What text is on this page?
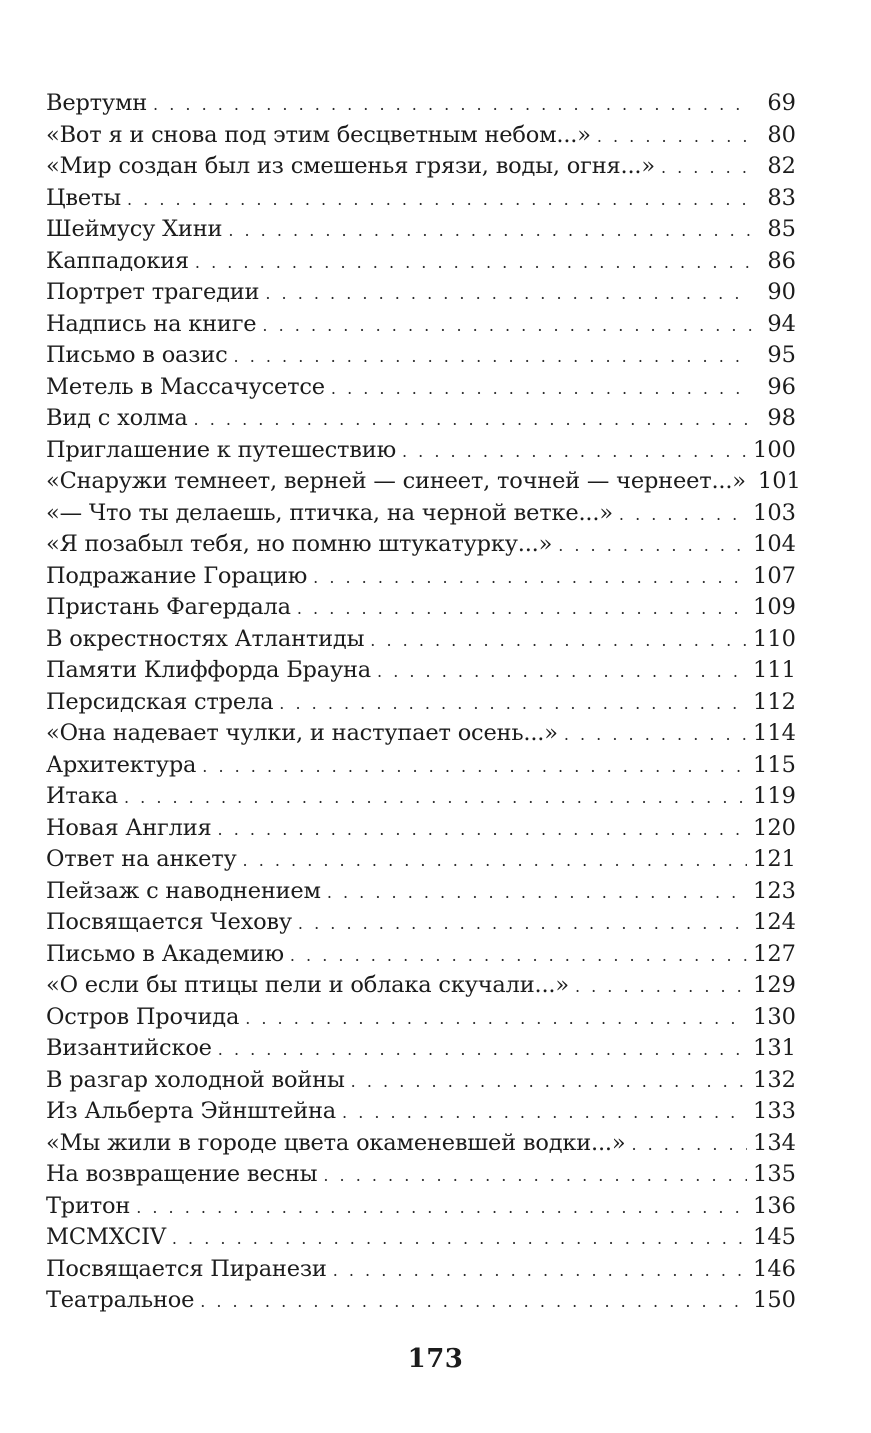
Вертумн . . .	69
«Вот я и снова под этим бесцветным небом...» . . .	80
«Мир создан был из смешенья грязи, воды, огня...» . . .	82
Цветы . . .	83
Шеймусу Хини . . .	85
Каппадокия . . .	86
Портрет трагедии . . .	90
Надпись на книге . . .	94
Письмо в оазис . . .	95
Метель в Массачусетсе . . .	96
Вид с холма . . .	98
Приглашение к путешествию . . .	100
«Снаружи темнеет, верней — синеет, точней — чернеет...» 101
«— Что ты делаешь, птичка, на черной ветке...» . . .	103
«Я позабыл тебя, но помню штукатурку...» . . .	104
Подражание Горацию . . .	107
Пристань Фагердала . . .	109
В окрестностях Атлантиды . . .	110
Памяти Клиффорда Брауна . . .	111
Персидская стрела . . .	112
«Она надевает чулки, и наступает осень...» . . .	114
Архитектура . . .	115
Итака . . .	119
Новая Англия . . .	120
Ответ на анкету . . .	121
Пейзаж с наводнением . . .	123
Посвящается Чехову . . .	124
Письмо в Академию . . .	127
«О если бы птицы пели и облака скучали...» . . .	129
Остров Прочида . . .	130
Византийское . . .	131
В разгар холодной войны . . .	132
Из Альберта Эйнштейна . . .	133
«Мы жили в городе цвета окаменевшей водки...» . . .	134
На возвращение весны . . .	135
Тритон . . .	136
MCMXCIV . . .	145
Посвящается Пиранези . . .	146
Театральное . . .	150
173
